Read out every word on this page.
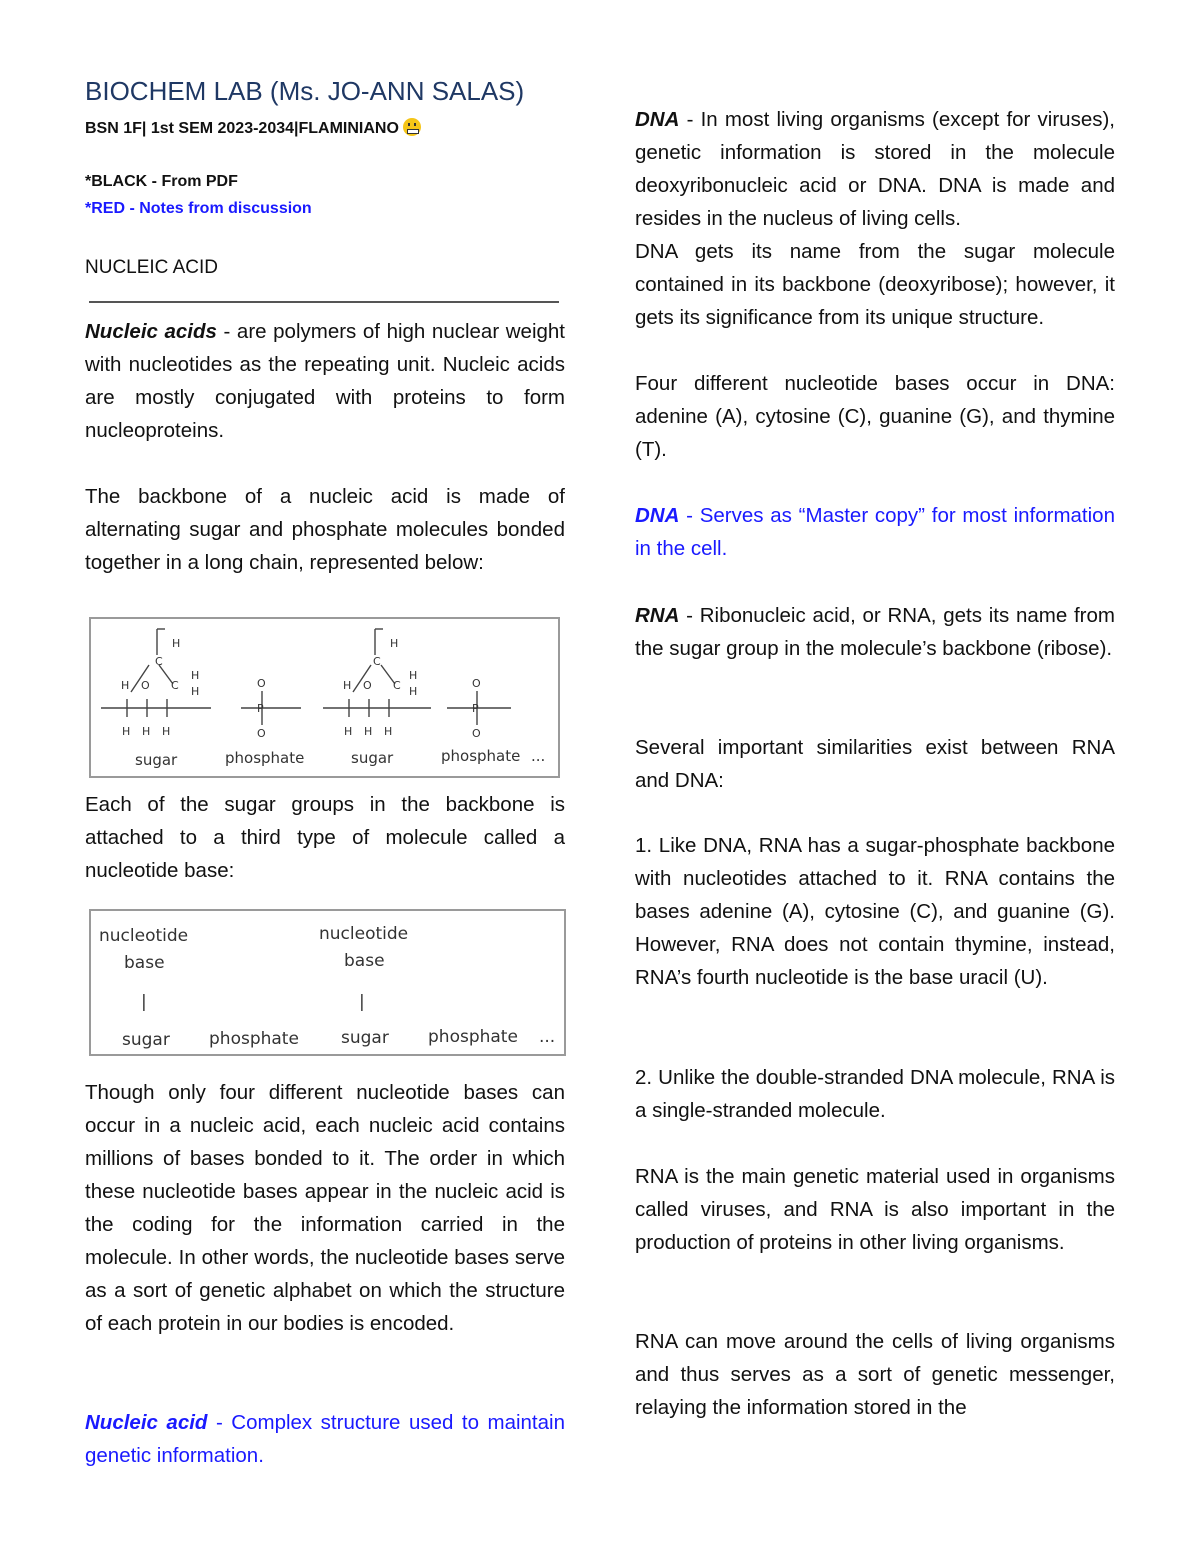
BIOCHEM LAB (Ms. JO-ANN SALAS)
BSN 1F| 1st SEM 2023-2034|FLAMINIANO
*BLACK - From PDF
*RED - Notes from discussion
NUCLEIC ACID

Nucleic acids - are polymers of high nuclear weight with nucleotides as the repeating unit. Nucleic acids are mostly conjugated with proteins to form nucleoproteins.

The backbone of a nucleic acid is made of alternating sugar and phosphate molecules bonded together in a long chain, represented below:

C
H
H O C
H
H
H H H
O
P
O
C
H
H O C
H
H
H H H
O
P
O
sugar	phosphate	sugar	phosphate ...

Each of the sugar groups in the backbone is attached to a third type of molecule called a nucleotide base:

nucleotide
base
|
nucleotide
base
|
sugar phosphate sugar phosphate ...

Though only four different nucleotide bases can occur in a nucleic acid, each nucleic acid contains millions of bases bonded to it. The order in which these nucleotide bases appear in the nucleic acid is the coding for the information carried in the molecule. In other words, the nucleotide bases serve as a sort of genetic alphabet on which the structure of each protein in our bodies is encoded.

Nucleic acid - Complex structure used to maintain genetic information.

DNA - In most living organisms (except for viruses), genetic information is stored in the molecule deoxyribonucleic acid or DNA. DNA is made and resides in the nucleus of living cells.

DNA gets its name from the sugar molecule contained in its backbone (deoxyribose); however, it gets its significance from its unique structure.

Four different nucleotide bases occur in DNA: adenine (A), cytosine (C), guanine (G), and thymine (T).

DNA - Serves as “Master copy” for most information in the cell.

RNA - Ribonucleic acid, or RNA, gets its name from the sugar group in the molecule’s backbone (ribose).

Several important similarities exist between RNA and DNA:

1. Like DNA, RNA has a sugar-phosphate backbone with nucleotides attached to it. RNA contains the bases adenine (A), cytosine (C), and guanine (G). However, RNA does not contain thymine, instead, RNA’s fourth nucleotide is the base uracil (U).

2. Unlike the double-stranded DNA molecule, RNA is a single-stranded molecule.

RNA is the main genetic material used in organisms called viruses, and RNA is also important in the production of proteins in other living organisms.

RNA can move around the cells of living organisms and thus serves as a sort of genetic messenger, relaying the information stored in the
